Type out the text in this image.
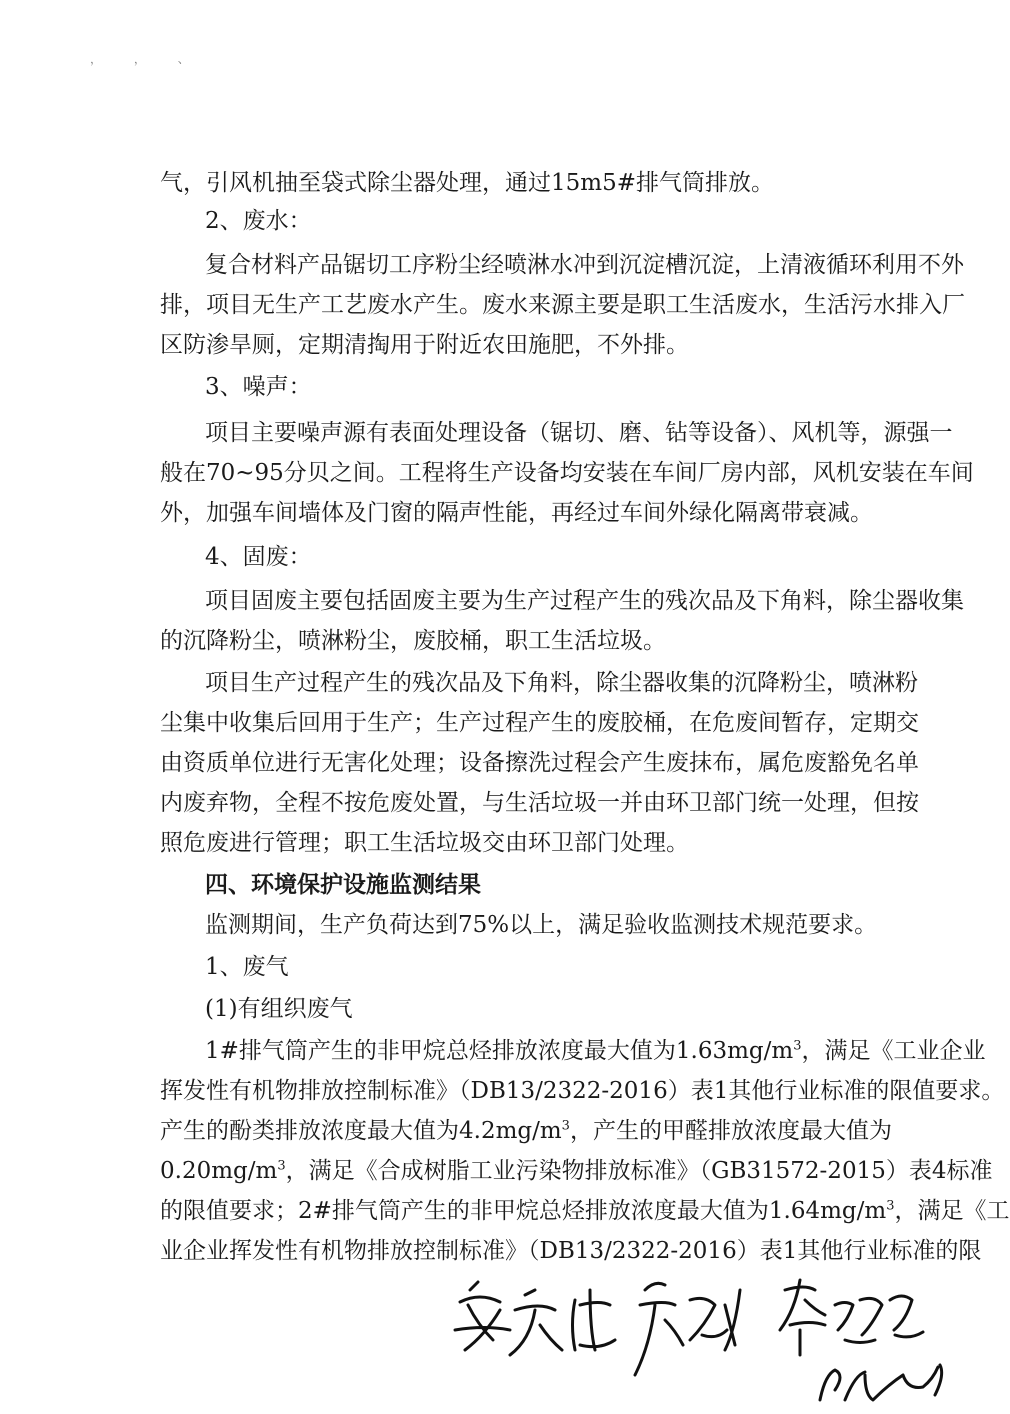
， ， 、
气，引风机抽至袋式除尘器处理，通过15m5#排气筒排放。
2、废水：
复合材料产品锯切工序粉尘经喷淋水冲到沉淀槽沉淀，上清液循环利用不外
排，项目无生产工艺废水产生。废水来源主要是职工生活废水，生活污水排入厂
区防渗旱厕，定期清掏用于附近农田施肥，不外排。
3、噪声：
项目主要噪声源有表面处理设备（锯切、磨、钻等设备）、风机等，源强一
般在70~95分贝之间。工程将生产设备均安装在车间厂房内部，风机安装在车间
外，加强车间墙体及门窗的隔声性能，再经过车间外绿化隔离带衰减。
4、固废：
项目固废主要包括固废主要为生产过程产生的残次品及下角料，除尘器收集
的沉降粉尘，喷淋粉尘，废胶桶，职工生活垃圾。
项目生产过程产生的残次品及下角料，除尘器收集的沉降粉尘，喷淋粉
尘集中收集后回用于生产；生产过程产生的废胶桶，在危废间暂存，定期交
由资质单位进行无害化处理；设备擦洗过程会产生废抹布，属危废豁免名单
内废弃物，全程不按危废处置，与生活垃圾一并由环卫部门统一处理，但按
照危废进行管理；职工生活垃圾交由环卫部门处理。
四、环境保护设施监测结果
监测期间，生产负荷达到75%以上，满足验收监测技术规范要求。
1、废气
(1)有组织废气
1#排气筒产生的非甲烷总烃排放浓度最大值为$1.63mg/m^3$，满足《工业企业
挥发性有机物排放控制标准》（DB13/2322-2016）表1其他行业标准的限值要求。
产生的酚类排放浓度最大值为$4.2mg/m^3$，产生的甲醛排放浓度最大值为
$0.20mg/m^3$，满足《合成树脂工业污染物排放标准》（GB31572-2015）表4标准
的限值要求；2#排气筒产生的非甲烷总烃排放浓度最大值为$1.64mg/m^3$，满足《工
业企业挥发性有机物排放控制标准》（DB13/2322-2016）表1其他行业标准的限
